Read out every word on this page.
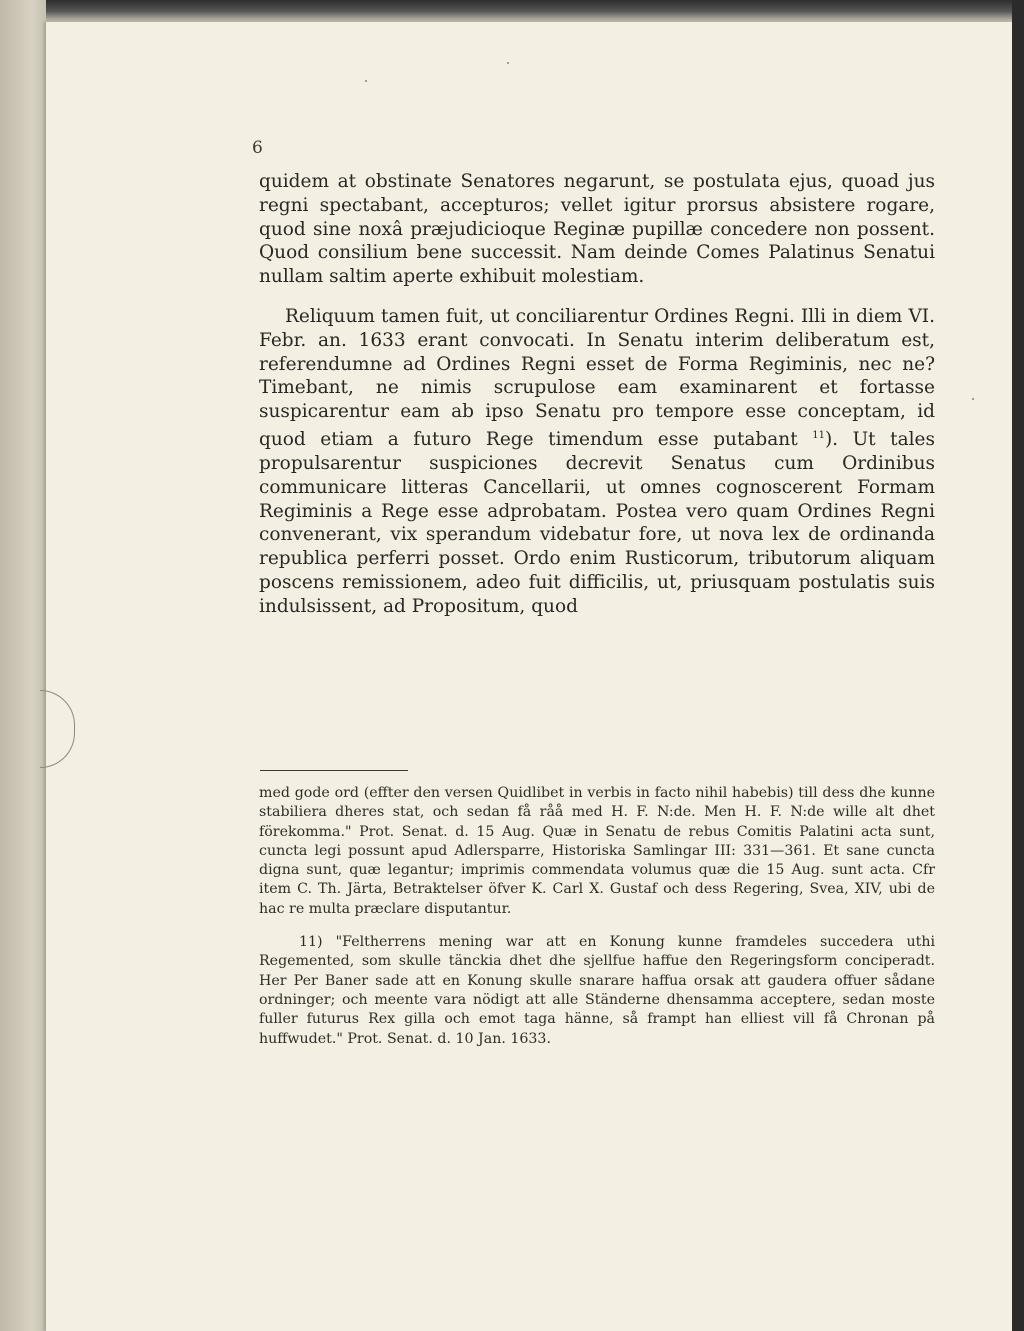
6

quidem at obstinate Senatores negarunt, se postulata ejus, quoad jus regni spectabant, accepturos; vellet igitur prorsus absistere rogare, quod sine noxâ præjudicioque Reginæ pupillæ concedere non possent. Quod consilium bene successit. Nam deinde Comes Palatinus Senatui nullam saltim aperte exhibuit molestiam.

Reliquum tamen fuit, ut conciliarentur Ordines Regni. Illi in diem VI. Febr. an. 1633 erant convocati. In Senatu interim deliberatum est, referendumne ad Ordines Regni esset de Forma Regiminis, nec ne? Timebant, ne nimis scrupulose eam examinarent et fortasse suspicarentur eam ab ipso Senatu pro tempore esse conceptam, id quod etiam a futuro Rege timendum esse putabant $^{11}$). Ut tales propulsarentur suspiciones decrevit Senatus cum Ordinibus communicare litteras Cancellarii, ut omnes cognoscerent Formam Regiminis a Rege esse adprobatam. Postea vero quam Ordines Regni convenerant, vix sperandum videbatur fore, ut nova lex de ordinanda republica perferri posset. Ordo enim Rusticorum, tributorum aliquam poscens remissionem, adeo fuit difficilis, ut, priusquam postulatis suis indulsissent, ad Propositum, quod

med gode ord (effter den versen Quidlibet in verbis in facto nihil habebis) till dess dhe kunne stabiliera dheres stat, och sedan få råå med H. F. N:de. Men H. F. N:de wille alt dhet förekomma." Prot. Senat. d. 15 Aug. Quæ in Senatu de rebus Comitis Palatini acta sunt, cuncta legi possunt apud Adlersparre, Historiska Samlingar III: 331—361. Et sane cuncta digna sunt, quæ legantur; imprimis commendata volumus quæ die 15 Aug. sunt acta. Cfr item C. Th. Järta, Betraktelser öfver K. Carl X. Gustaf och dess Regering, Svea, XIV, ubi de hac re multa præclare disputantur.

11) "Feltherrens mening war att en Konung kunne framdeles succedera uthi Regemented, som skulle tänckia dhet dhe sjellfue haffue den Regeringsform conciperadt. Her Per Baner sade att en Konung skulle snarare haffua orsak att gaudera offuer sådane ordninger; och meente vara nödigt att alle Ständerne dhensamma acceptere, sedan moste fuller futurus Rex gilla och emot taga hänne, så frampt han elliest vill få Chronan på huffwudet." Prot. Senat. d. 10 Jan. 1633.
